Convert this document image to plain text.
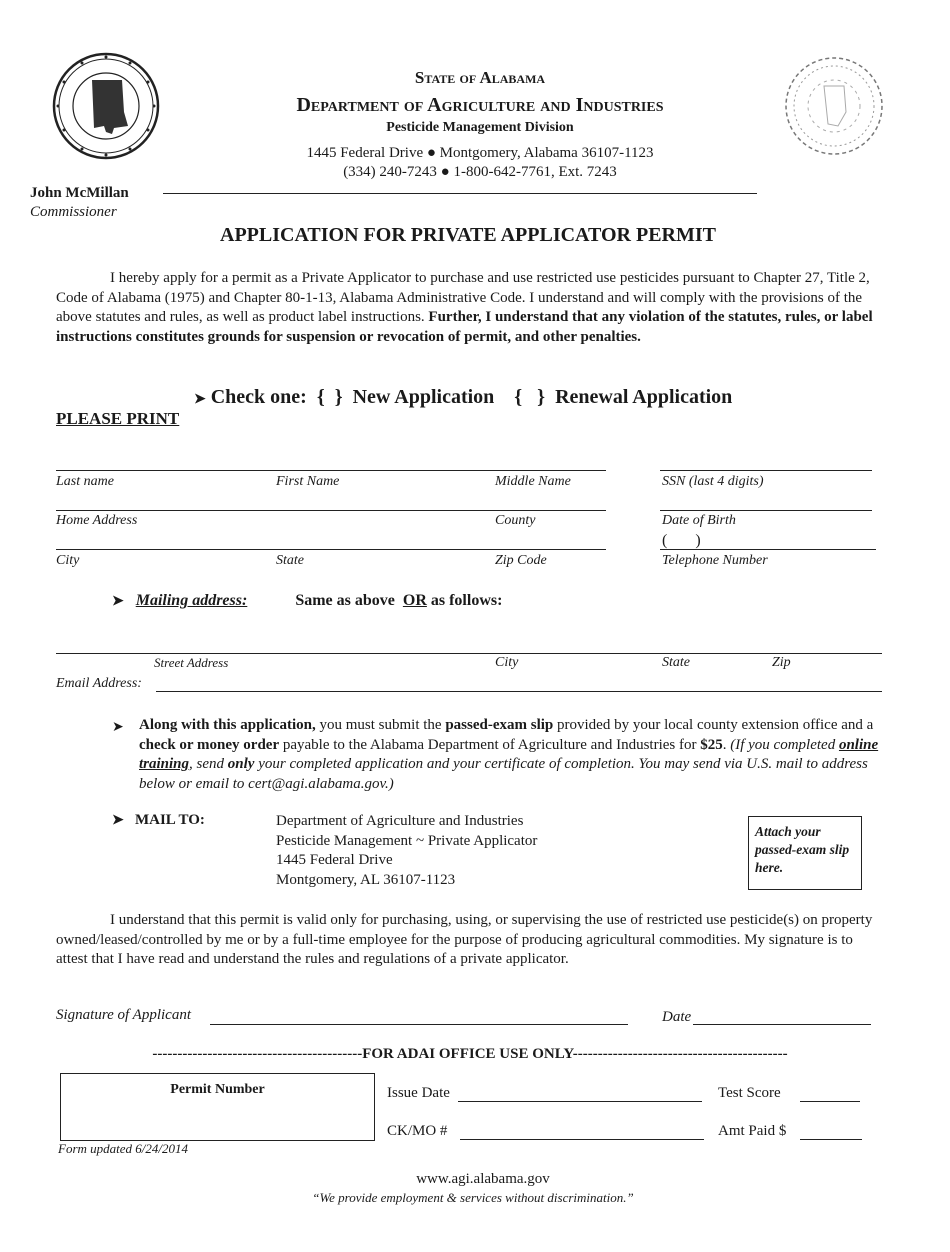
State of Alabama
Department of Agriculture and Industries
Pesticide Management Division
1445 Federal Drive ● Montgomery, Alabama 36107-1123
(334) 240-7243 ● 1-800-642-7761, Ext. 7243
John McMillan
Commissioner
APPLICATION FOR PRIVATE APPLICATOR PERMIT
I hereby apply for a permit as a Private Applicator to purchase and use restricted use pesticides pursuant to Chapter 27, Title 2, Code of Alabama (1975) and Chapter 80-1-13, Alabama Administrative Code. I understand and will comply with the provisions of the above statutes and rules, as well as product label instructions. Further, I understand that any violation of the statutes, rules, or label instructions constitutes grounds for suspension or revocation of permit, and other penalties.
➤ Check one:  {  }  New Application    {   }  Renewal Application
PLEASE PRINT
Last name	First Name	Middle Name	SSN (last 4 digits)
Home Address	County	Date of Birth
(       )
City	State	Zip Code	Telephone Number
➤ Mailing address:	Same as above OR as follows:
Street Address	City	State	Zip
Email Address:
➤ Along with this application, you must submit the passed-exam slip provided by your local county extension office and a check or money order payable to the Alabama Department of Agriculture and Industries for $25. (If you completed online training, send only your completed application and your certificate of completion. You may send via U.S. mail to address below or email to cert@agi.alabama.gov.)
➤ MAIL TO:	Department of Agriculture and Industries
Pesticide Management ~ Private Applicator
1445 Federal Drive
Montgomery, AL 36107-1123
Attach your passed-exam slip here.
I understand that this permit is valid only for purchasing, using, or supervising the use of restricted use pesticide(s) on property owned/leased/controlled by me or by a full-time employee for the purpose of producing agricultural commodities. My signature is to attest that I have read and understand the rules and regulations of a private applicator.
Signature of Applicant	Date
------------------------------------------FOR ADAI OFFICE USE ONLY-------------------------------------------
Permit Number	Issue Date	Test Score
CK/MO #	Amt Paid $
Form updated 6/24/2014
www.agi.alabama.gov
“We provide employment & services without discrimination.”
